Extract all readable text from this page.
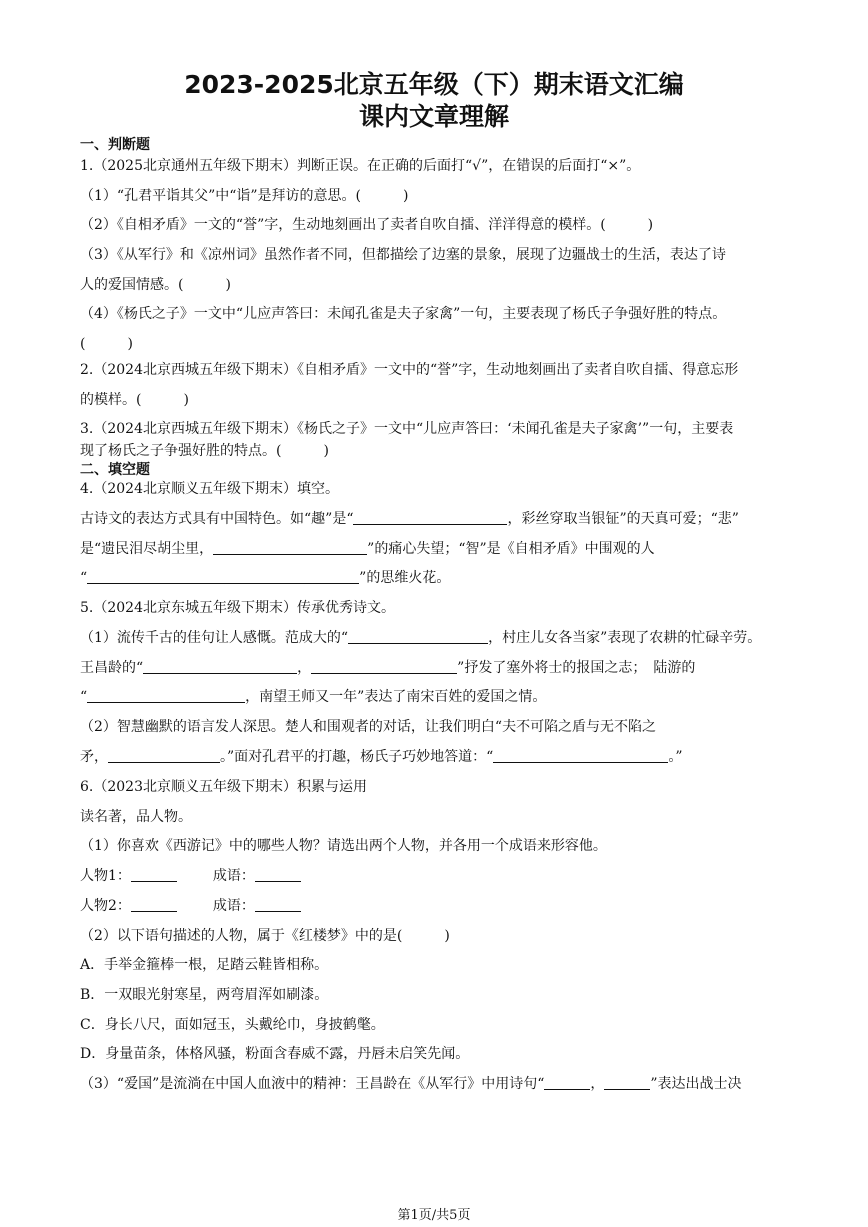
2023-2025北京五年级（下）期末语文汇编
课内文章理解
一、判断题
1.（2025北京通州五年级下期末）判断正误。在正确的后面打“√”，在错误的后面打“×”。
（1）“孔君平诣其父”中“诣”是拜访的意思。(　　　)
（2）《自相矛盾》一文的“誉”字，生动地刻画出了卖者自吹自擂、洋洋得意的模样。(　　　)
（3）《从军行》和《凉州词》虽然作者不同，但都描绘了边塞的景象，展现了边疆战士的生活，表达了诗
人的爱国情感。(　　　)
（4）《杨氏之子》一文中“儿应声答曰：未闻孔雀是夫子家禽”一句，主要表现了杨氏子争强好胜的特点。
(　　　)
2.（2024北京西城五年级下期末）《自相矛盾》一文中的“誉”字，生动地刻画出了卖者自吹自擂、得意忘形
的模样。(　　　)
3.（2024北京西城五年级下期末）《杨氏之子》一文中“儿应声答曰：‘未闻孔雀是夫子家禽’”一句，主要表
现了杨氏之子争强好胜的特点。(　　　)
二、填空题
4.（2024北京顺义五年级下期末）填空。
古诗文的表达方式具有中国特色。如“趣”是“	，彩丝穿取当银钲”的天真可爱；“悲”
是“遗民泪尽胡尘里，	”的痛心失望；“智”是《自相矛盾》中围观的人
“	”的思维火花。
5.（2024北京东城五年级下期末）传承优秀诗文。
（1）流传千古的佳句让人感慨。范成大的“	，村庄儿女各当家”表现了农耕的忙碌辛劳。
王昌龄的“	，	”抒发了塞外将士的报国之志；　陆游的
“	，南望王师又一年”表达了南宋百姓的爱国之情。
（2）智慧幽默的语言发人深思。楚人和围观者的对话，让我们明白“夫不可陷之盾与无不陷之
矛，	。”面对孔君平的打趣，杨氏子巧妙地答道：“	。”
6.（2023北京顺义五年级下期末）积累与运用
读名著，品人物。
（1）你喜欢《西游记》中的哪些人物？请选出两个人物，并各用一个成语来形容他。
人物1：	成语：
人物2：	成语：
（2）以下语句描述的人物，属于《红楼梦》中的是(　　　)
A．手举金箍棒一根，足踏云鞋皆相称。
B．一双眼光射寒星，两弯眉浑如刷漆。
C．身长八尺，面如冠玉，头戴纶巾，身披鹤氅。
D．身量苗条，体格风骚，粉面含春威不露，丹唇未启笑先闻。
（3）“爱国”是流淌在中国人血液中的精神：王昌龄在《从军行》中用诗句“	，	”表达出战士决
第1页/共5页
